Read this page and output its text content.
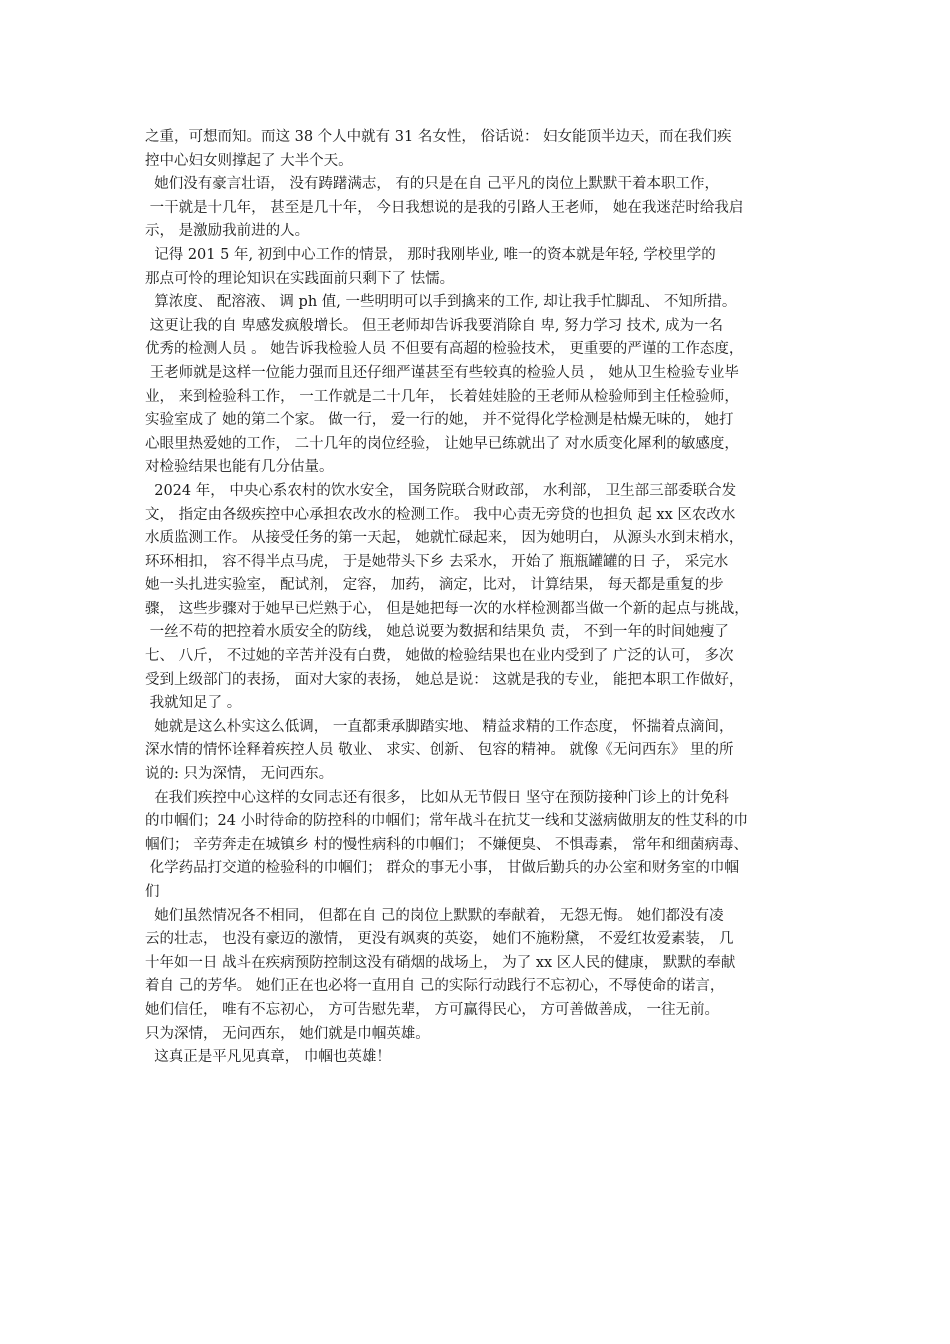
之重，可想而知。而这 38 个人中就有 31 名女性， 俗话说： 妇女能顶半边天，而在我们疾
控中心妇女则撑起了 大半个天。
她们没有豪言壮语， 没有踌躇满志， 有的只是在自 己平凡的岗位上默默干着本职工作，
一干就是十几年， 甚至是几十年， 今日我想说的是我的引路人王老师， 她在我迷茫时给我启
示， 是激励我前进的人。
记得 201 5 年, 初到中心工作的情景， 那时我刚毕业, 唯一的资本就是年轻, 学校里学的
那点可怜的理论知识在实践面前只剩下了 怯懦。
算浓度、 配溶液、 调 ph 值, 一些明明可以手到擒来的工作, 却让我手忙脚乱、 不知所措。
这更让我的自 卑感发疯般增长。 但王老师却告诉我要消除自 卑, 努力学习 技术, 成为一名
优秀的检测人员 。 她告诉我检验人员 不但要有高超的检验技术， 更重要的严谨的工作态度，
王老师就是这样一位能力强而且还仔细严谨甚至有些较真的检验人员 ， 她从卫生检验专业毕
业， 来到检验科工作， 一工作就是二十几年， 长着娃娃脸的王老师从检验师到主任检验师，
实验室成了 她的第二个家。 做一行， 爱一行的她， 并不觉得化学检测是枯燥无味的， 她打
心眼里热爱她的工作， 二十几年的岗位经验， 让她早已练就出了 对水质变化犀利的敏感度，
对检验结果也能有几分估量。
2024 年， 中央心系农村的饮水安全， 国务院联合财政部， 水利部， 卫生部三部委联合发
文， 指定由各级疾控中心承担农改水的检测工作。 我中心责无旁贷的也担负 起 xx 区农改水
水质监测工作。 从接受任务的第一天起， 她就忙碌起来， 因为她明白， 从源头水到末梢水，
环环相扣， 容不得半点马虎， 于是她带头下乡 去采水， 开始了 瓶瓶罐罐的日 子， 采完水
她一头扎进实验室， 配试剂， 定容， 加药， 滴定，比对， 计算结果， 每天都是重复的步
骤， 这些步骤对于她早已烂熟于心， 但是她把每一次的水样检测都当做一个新的起点与挑战，
一丝不苟的把控着水质安全的防线， 她总说要为数据和结果负 责， 不到一年的时间她瘦了
七、 八斤， 不过她的辛苦并没有白费， 她做的检验结果也在业内受到了 广泛的认可， 多次
受到上级部门的表扬， 面对大家的表扬， 她总是说： 这就是我的专业， 能把本职工作做好，
我就知足了 。
她就是这么朴实这么低调， 一直都秉承脚踏实地、 精益求精的工作态度， 怀揣着点滴间，
深水情的情怀诠释着疾控人员 敬业、 求实、创新、 包容的精神。 就像《无问西东》 里的所
说的: 只为深情， 无问西东。
在我们疾控中心这样的女同志还有很多， 比如从无节假日 坚守在预防接种门诊上的计免科
的巾帼们；24 小时待命的防控科的巾帼们；常年战斗在抗艾一线和艾滋病做朋友的性艾科的巾
帼们； 辛劳奔走在城镇乡 村的慢性病科的巾帼们； 不嫌便臭、 不惧毒素， 常年和细菌病毒、
化学药品打交道的检验科的巾帼们； 群众的事无小事， 甘做后勤兵的办公室和财务室的巾帼
们
她们虽然情况各不相同， 但都在自 己的岗位上默默的奉献着， 无怨无悔。 她们都没有凌
云的壮志， 也没有豪迈的激情， 更没有飒爽的英姿， 她们不施粉黛， 不爱红妆爱素装， 几
十年如一日 战斗在疾病预防控制这没有硝烟的战场上， 为了 xx 区人民的健康， 默默的奉献
着自 己的芳华。 她们正在也必将一直用自 己的实际行动践行不忘初心，不辱使命的诺言，
她们信任， 唯有不忘初心， 方可告慰先辈， 方可赢得民心， 方可善做善成， 一往无前。
只为深情， 无问西东， 她们就是巾帼英雄。
这真正是平凡见真章， 巾帼也英雄！
